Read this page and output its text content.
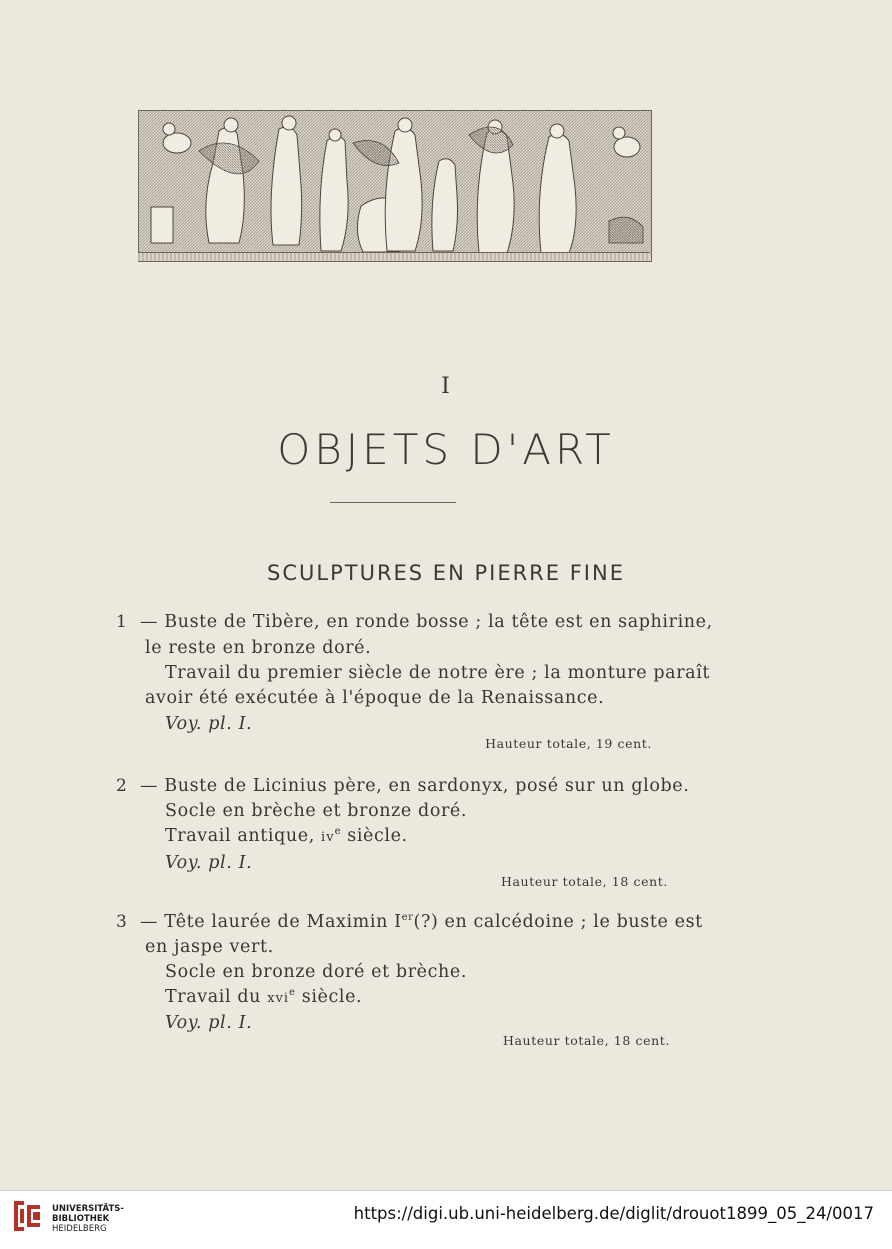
I
OBJETS D'ART
SCULPTURES EN PIERRE FINE
1 — Buste de Tibère, en ronde bosse ; la tête est en saphirine,
le reste en bronze doré.
Travail du premier siècle de notre ère ; la monture paraît
avoir été exécutée à l'époque de la Renaissance.
Voy. pl. I.
Hauteur totale, 19 cent.
2 — Buste de Licinius père, en sardonyx, posé sur un globe.
Socle en brèche et bronze doré.
Travail antique, $iv^e$ siècle.
Voy. pl. I.
Hauteur totale, 18 cent.
3 — Tête laurée de Maximin Ier(?) en calcédoine ; le buste est
en jaspe vert.
Socle en bronze doré et brèche.
Travail du xvi$^e$ siècle.
Voy. pl. I.
Hauteur totale, 18 cent.
UNIVERSITÄTS-
BIBLIOTHEK
HEIDELBERG
https://digi.ub.uni-heidelberg.de/diglit/drouot1899_05_24/0017
